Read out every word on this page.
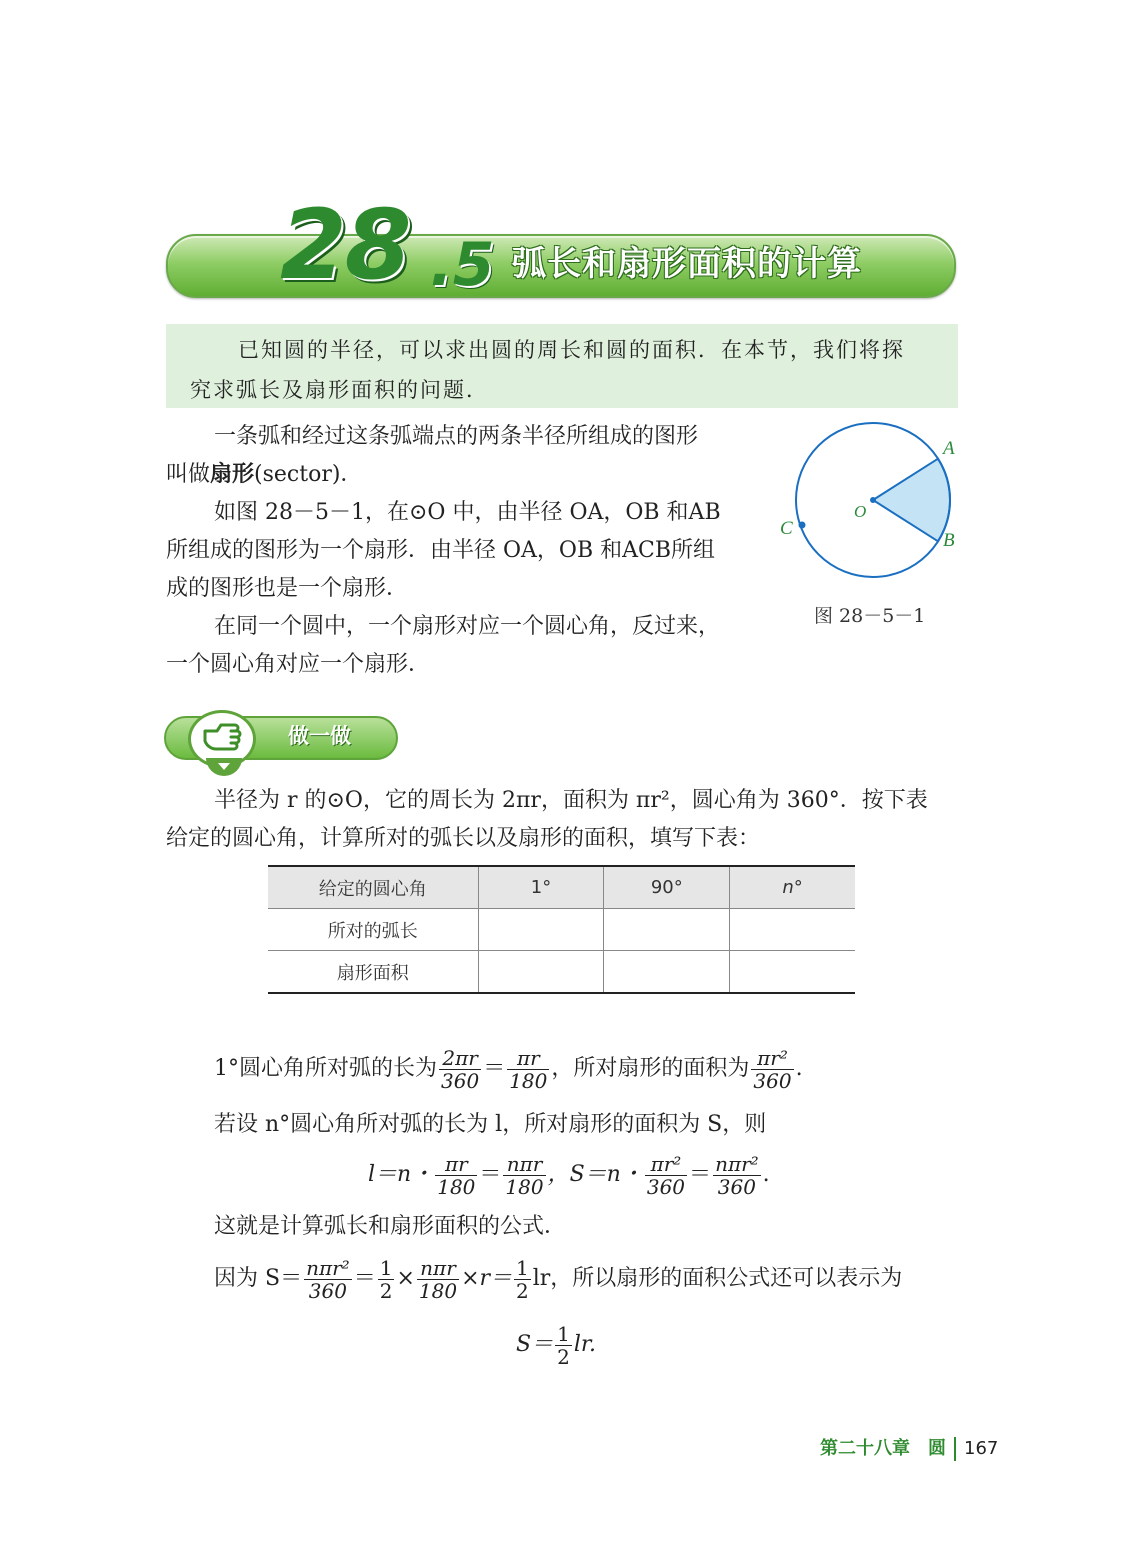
28 .5 弧长和扇形面积的计算
已知圆的半径，可以求出圆的周长和圆的面积．在本节，我们将探
究求弧长及扇形面积的问题．
一条弧和经过这条弧端点的两条半径所组成的图形
叫做扇形(sector)．
如图 28－5－1，在⊙O 中，由半径 OA，OB 和AB
所组成的图形为一个扇形．由半径 OA，OB 和ACB所组
成的图形也是一个扇形．
在同一个圆中，一个扇形对应一个圆心角，反过来，
一个圆心角对应一个扇形．
A
B
C
O
图 28－5－1
做一做
半径为 r 的⊙O，它的周长为 2πr，面积为 πr²，圆心角为 360°．按下表
给定的圆心角，计算所对的弧长以及扇形的面积，填写下表：
给定的圆心角	1°	90°	n°
所对的弧长			
扇形面积			
1°圆心角所对弧的长为 $\frac{2\pi r}{360} = \frac{\pi r}{180}$ ，所对扇形的面积为 $\frac{\text{πr²}}{360}$ .
若设 n°圆心角所对弧的长为 l，所对扇形的面积为 S，则
l＝n・ $\frac{\pi r}{180} = \frac{\text{nπr}}{180}$ ，S＝n・ $\frac{\text{πr²}}{360} = \frac{\text{nπr²}}{360}$ .
这就是计算弧长和扇形面积的公式．
因为 $S= \frac{\text{nπr²}}{360} = \frac{1}{2} \times \frac{\text{nπr}}{180} \times r= \frac{1}{2}$ lr，所以扇形的面积公式还可以表示为
$S= \frac{1}{2}$ lr.
第二十八章　圆 167
